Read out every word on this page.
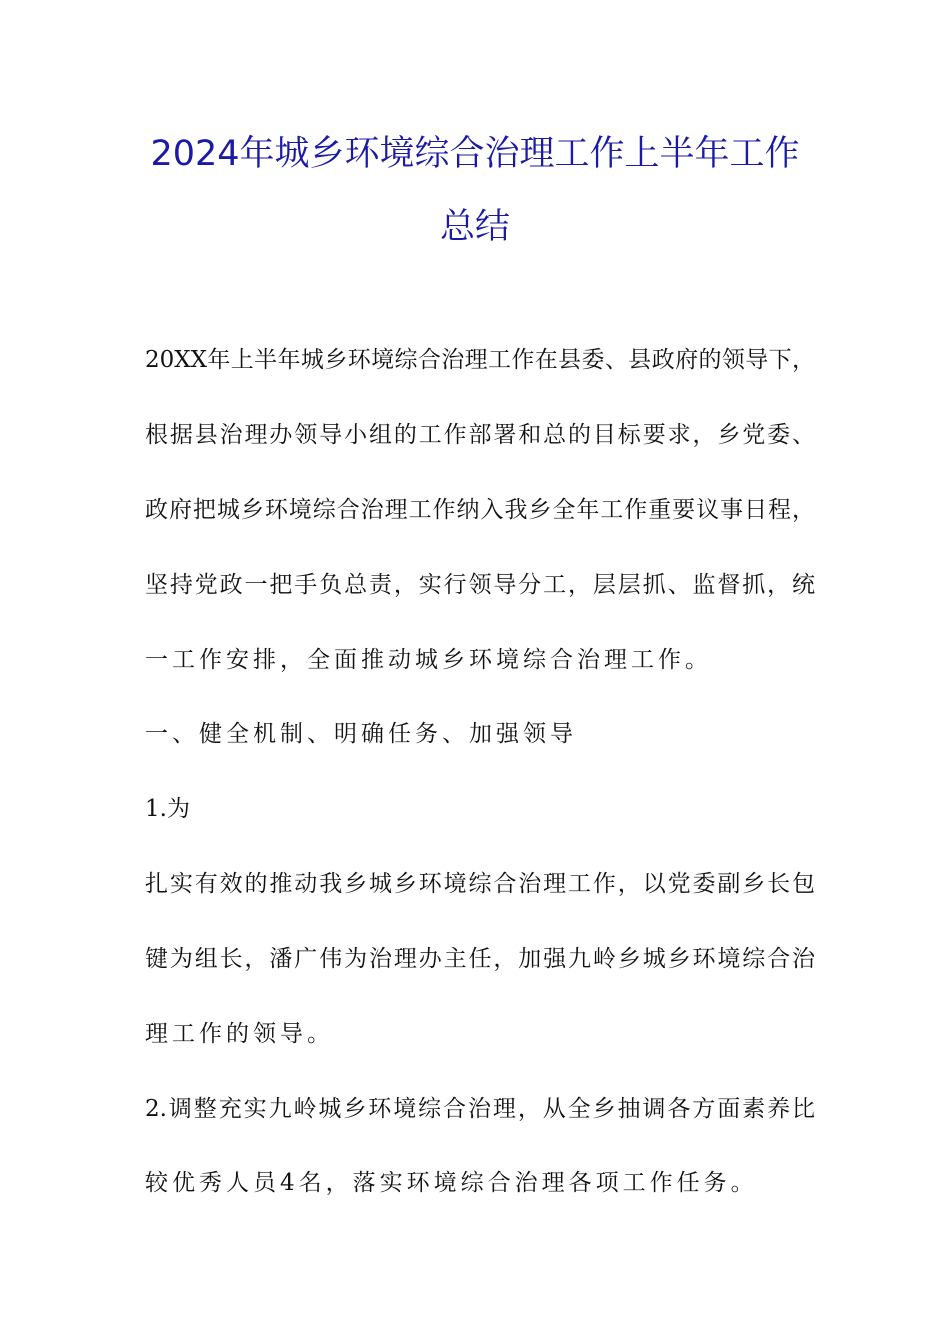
2024年城乡环境综合治理工作上半年工作
总结
20XX年上半年城乡环境综合治理工作在县委、县政府的领导下，
根据县治理办领导小组的工作部署和总的目标要求，乡党委、
政府把城乡环境综合治理工作纳入我乡全年工作重要议事日程，
坚持党政一把手负总责，实行领导分工，层层抓、监督抓，统
一工作安排，全面推动城乡环境综合治理工作。
一、健全机制、明确任务、加强领导
1.为
扎实有效的推动我乡城乡环境综合治理工作，以党委副乡长包
键为组长，潘广伟为治理办主任，加强九岭乡城乡环境综合治
理工作的领导。
2.调整充实九岭城乡环境综合治理，从全乡抽调各方面素养比
较优秀人员4名，落实环境综合治理各项工作任务。
